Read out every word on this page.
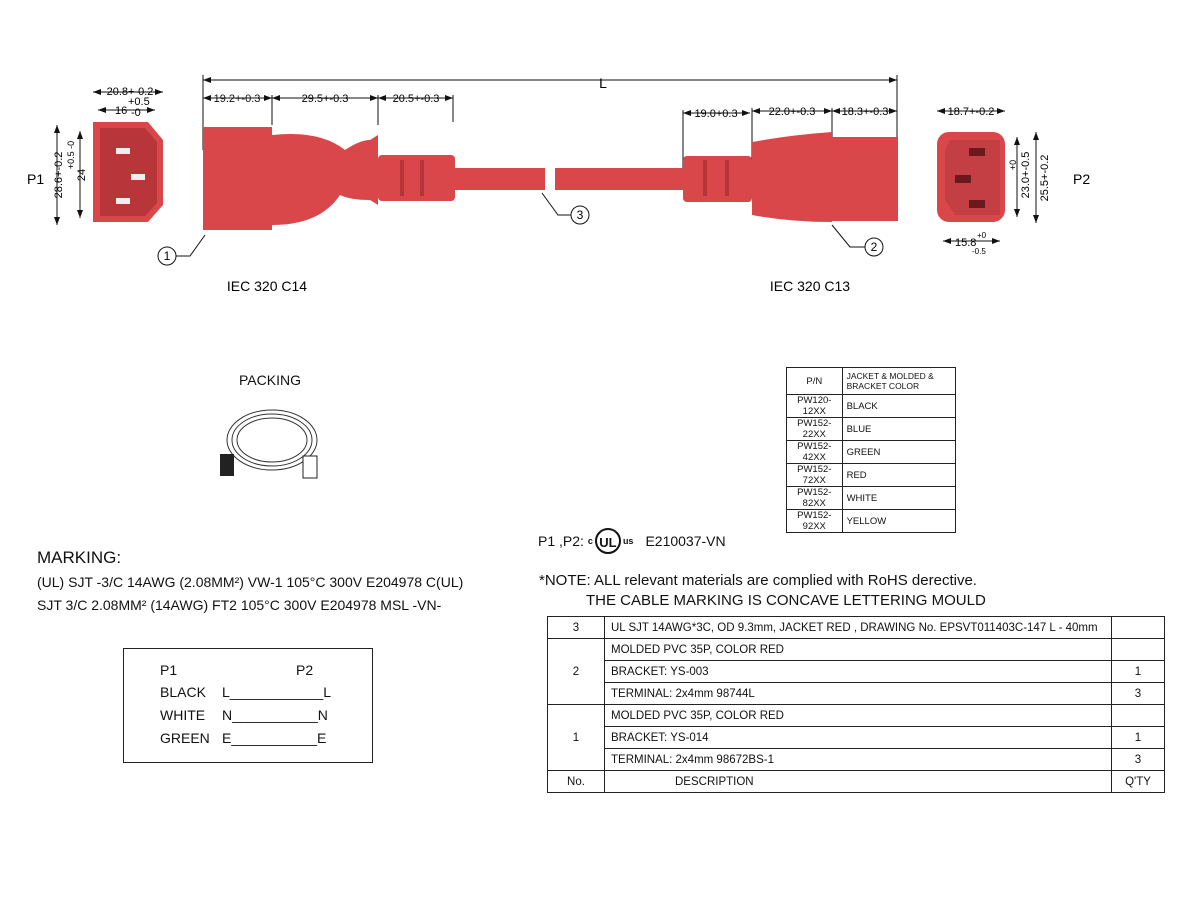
L
19.2+-0.3	29.5+-0.3	20.5+-0.3
19.0+0.3	22.0+-0.3 18.3+-0.3
20.8+-0.2
16
+0.5
-0
28.6+-0.2 24
+0.5 -0
P1
18.7+-0.2
15.8
+0
-0.5
23.0+-0.5
+0 25.5+-0.2 P2
1
2
3
IEC 320 C14	IEC 320 C13
PACKING	P/N	JACKET & MOLDED & BRACKET COLOR
PW120-12XX	BLACK
PW152-22XX	BLUE
PW152-42XX	GREEN
PW152-72XX	RED
PW152-82XX	WHITE
PW152-92XX	YELLOW
P1 ,P2: c UL us E210037-VN
*NOTE: ALL relevant materials are complied with RoHS derective.
THE CABLE MARKING IS CONCAVE LETTERING MOULD
MARKING:
(UL) SJT -3/C 14AWG (2.08MM²) VW-1 105°C 300V E204978 C(UL)
SJT 3/C 2.08MM² (14AWG) FT2 105°C 300V E204978 MSL -VN-
P1	P2
BLACK L____________L
WHITE N___________N
GREEN E___________E
3	UL SJT 14AWG*3C, OD 9.3mm, JACKET RED , DRAWING No. EPSVT011403C-147 L - 40mm	
2	MOLDED PVC 35P, COLOR RED	
	BRACKET: YS-003	1
	TERMINAL: 2x4mm 98744L	3
1	MOLDED PVC 35P, COLOR RED	
	BRACKET: YS-014	1
	TERMINAL: 2x4mm 98672BS-1	3
No.	DESCRIPTION	Q'TY
